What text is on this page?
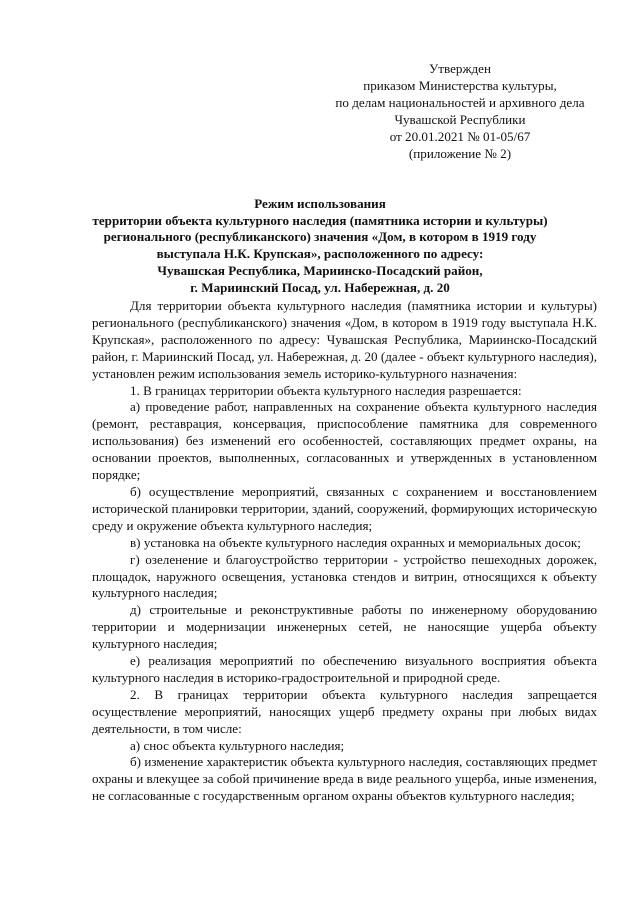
Утвержден
приказом Министерства культуры,
по делам национальностей и архивного дела
Чувашской Республики
от 20.01.2021 № 01-05/67
(приложение № 2)
Режим использования
территории объекта культурного наследия (памятника истории и культуры)
регионального (республиканского) значения «Дом, в котором в 1919 году
выступала Н.К. Крупская», расположенного по адресу:
Чувашская Республика, Мариинско-Посадский район,
г. Мариинский Посад, ул. Набережная, д. 20

Для территории объекта культурного наследия (памятника истории и культуры) регионального (республиканского) значения «Дом, в котором в 1919 году выступала Н.К. Крупская», расположенного по адресу: Чувашская Республика, Мариинско-Посадский район, г. Мариинский Посад, ул. Набережная, д. 20 (далее - объект культурного наследия), установлен режим использования земель историко-культурного назначения:

1. В границах территории объекта культурного наследия разрешается:

а) проведение работ, направленных на сохранение объекта культурного наследия (ремонт, реставрация, консервация, приспособление памятника для современного использования) без изменений его особенностей, составляющих предмет охраны, на основании проектов, выполненных, согласованных и утвержденных в установленном порядке;

б) осуществление мероприятий, связанных с сохранением и восстановлением исторической планировки территории, зданий, сооружений, формирующих историческую среду и окружение объекта культурного наследия;

в) установка на объекте культурного наследия охранных и мемориальных досок;

г) озеленение и благоустройство территории - устройство пешеходных дорожек, площадок, наружного освещения, установка стендов и витрин, относящихся к объекту культурного наследия;

д) строительные и реконструктивные работы по инженерному оборудованию территории и модернизации инженерных сетей, не наносящие ущерба объекту культурного наследия;

е) реализация мероприятий по обеспечению визуального восприятия объекта культурного наследия в историко-градостроительной и природной среде.

2. В границах территории объекта культурного наследия запрещается осуществление мероприятий, наносящих ущерб предмету охраны при любых видах деятельности, в том числе:

а) снос объекта культурного наследия;

б) изменение характеристик объекта культурного наследия, составляющих предмет охраны и влекущее за собой причинение вреда в виде реального ущерба, иные изменения, не согласованные с государственным органом охраны объектов культурного наследия;
